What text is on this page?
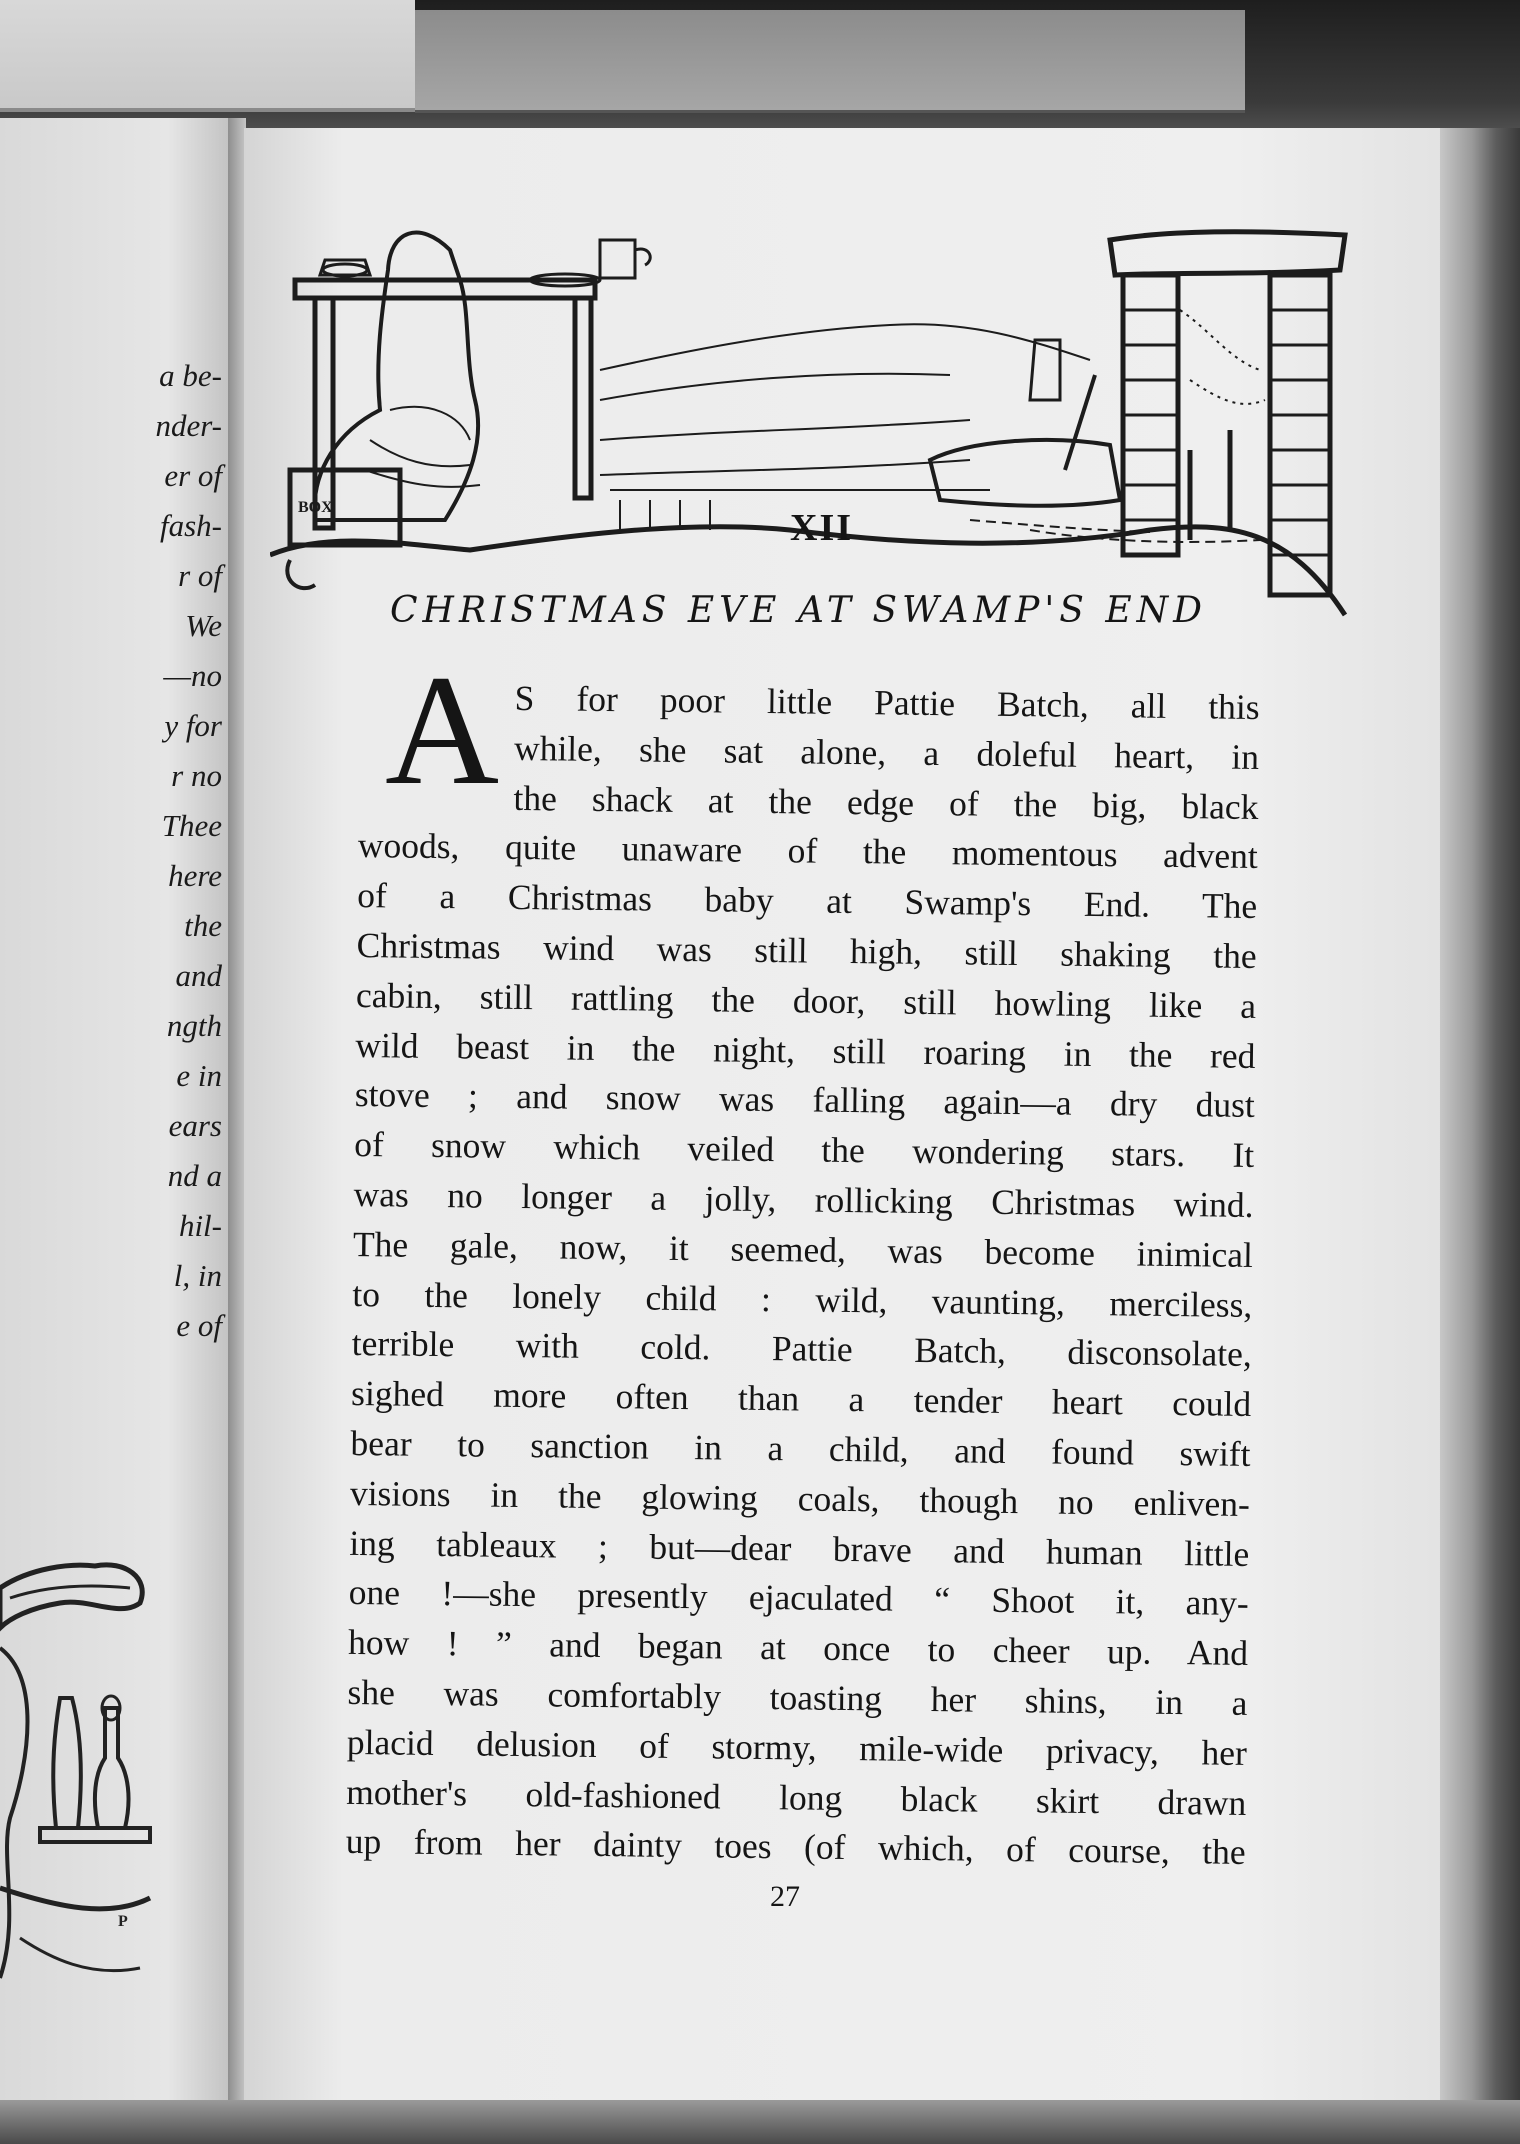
a be-
nder-
er of
fash-
r of
We
—no
y for
r no
Thee
here
the
and
ngth
e in
ears
nd a
hil-
l, in
e of
P
BOX	XII
CHRISTMAS EVE AT SWAMP'S END
A S for poor little Pattie Batch, all this
while, she sat alone, a doleful heart, in
the shack at the edge of the big, black
woods, quite unaware of the momentous advent
of a Christmas baby at Swamp's End. The
Christmas wind was still high, still shaking the
cabin, still rattling the door, still howling like a
wild beast in the night, still roaring in the red
stove ; and snow was falling again—a dry dust
of snow which veiled the wondering stars. It
was no longer a jolly, rollicking Christmas wind.
The gale, now, it seemed, was become inimical
to the lonely child : wild, vaunting, merciless,
terrible with cold. Pattie Batch, disconsolate,
sighed more often than a tender heart could
bear to sanction in a child, and found swift
visions in the glowing coals, though no enliven-
ing tableaux ; but—dear brave and human little
one !—she presently ejaculated “ Shoot it, any-
how ! ” and began at once to cheer up. And
she was comfortably toasting her shins, in a
placid delusion of stormy, mile-wide privacy, her
mother's old-fashioned long black skirt drawn
up from her dainty toes (of which, of course, the
27
